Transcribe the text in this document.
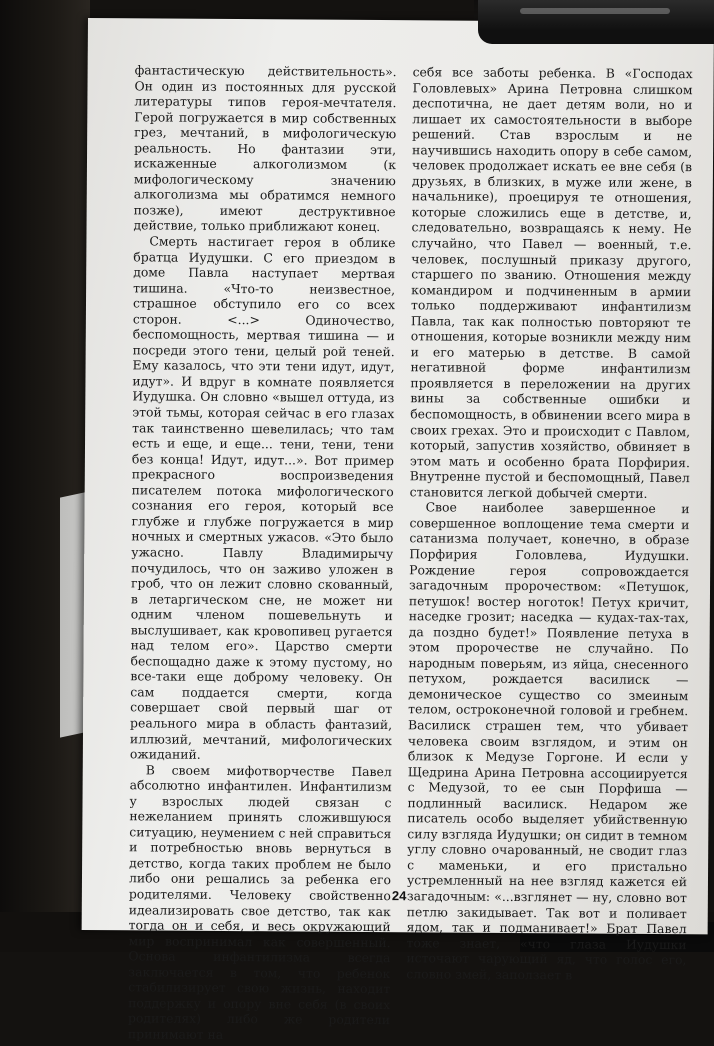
фантастическую действительность». Он один из постоянных для русской литературы типов героя-мечтателя. Герой погружается в мир собственных грез, мечтаний, в мифологическую реальность. Но фантазии эти, искаженные алкоголизмом (к мифологическому значению алкоголизма мы обратимся немного позже), имеют деструктивное действие, только приближают конец.

Смерть настигает героя в облике братца Иудушки. С его приездом в доме Павла наступает мертвая тишина. «Что-то неизвестное, страшное обступило его со всех сторон. <...> Одиночество, беспомощность, мертвая тишина — и посреди этого тени, целый рой теней. Ему казалось, что эти тени идут, идут, идут». И вдруг в комнате появляется Иудушка. Он словно «вышел оттуда, из этой тьмы, которая сейчас в его глазах так таинственно шевелилась; что там есть и еще, и еще... тени, тени, тени без конца! Идут, идут...». Вот пример прекрасного воспроизведения писателем потока мифологического сознания его героя, который все глубже и глубже погружается в мир ночных и смертных ужасов. «Это было ужасно. Павлу Владимирычу почудилось, что он заживо уложен в гроб, что он лежит словно скованный, в летаргическом сне, не может ни одним членом пошевельнуть и выслушивает, как кровопивец ругается над телом его». Царство смерти беспощадно даже к этому пустому, но все-таки еще доброму человеку. Он сам поддается смерти, когда совершает свой первый шаг от реального мира в область фантазий, иллюзий, мечтаний, мифологических ожиданий.

В своем мифотворчестве Павел абсолютно инфантилен. Инфантилизм у взрослых людей связан с нежеланием принять сложившуюся ситуацию, неумением с ней справиться и потребностью вновь вернуться в детство, когда таких проблем не было либо они решались за ребенка его родителями. Человеку свойственно идеализировать свое детство, так как тогда он и себя, и весь окружающий мир воспринимал как совершенный. Основа инфантилизма всегда заключается в том, что ребенок стабилизирует свою жизнь, находит поддержку и опору вне себя (в своих родителях) либо же родители принимают на

себя все заботы ребенка. В «Господах Головлевых» Арина Петровна слишком деспотична, не дает детям воли, но и лишает их самостоятельности в выборе решений. Став взрослым и не научившись находить опору в себе самом, человек продолжает искать ее вне себя (в друзьях, в близких, в муже или жене, в начальнике), проецируя те отношения, которые сложились еще в детстве, и, следовательно, возвращаясь к нему. Не случайно, что Павел — военный, т.е. человек, послушный приказу другого, старшего по званию. Отношения между командиром и подчиненным в армии только поддерживают инфантилизм Павла, так как полностью повторяют те отношения, которые возникли между ним и его матерью в детстве. В самой негативной форме инфантилизм проявляется в переложении на других вины за собственные ошибки и беспомощность, в обвинении всего мира в своих грехах. Это и происходит с Павлом, который, запустив хозяйство, обвиняет в этом мать и особенно брата Порфирия. Внутренне пустой и беспомощный, Павел становится легкой добычей смерти.

Свое наиболее завершенное и совершенное воплощение тема смерти и сатанизма получает, конечно, в образе Порфирия Головлева, Иудушки. Рождение героя сопровождается загадочным пророчеством: «Петушок, петушок! востер ноготок! Петух кричит, наседке грозит; наседка — кудах-тах-тах, да поздно будет!» Появление петуха в этом пророчестве не случайно. По народным поверьям, из яйца, снесенного петухом, рождается василиск — демоническое существо со змеиным телом, остроконечной головой и гребнем. Василиск страшен тем, что убивает человека своим взглядом, и этим он близок к Медузе Горгоне. И если у Щедрина Арина Петровна ассоциируется с Медузой, то ее сын Порфиша — подлинный василиск. Недаром же писатель особо выделяет убийственную силу взгляда Иудушки; он сидит в темном углу словно очарованный, не сводит глаз с маменьки, и его пристально устремленный на нее взгляд кажется ей загадочным: «...взглянет — ну, словно вот петлю закидывает. Так вот и поливает ядом, так и подманивает!» Брат Павел тоже знает, «что глаза Иудушки источают чарующий яд, что голос его, словно змей, заползает в

24
